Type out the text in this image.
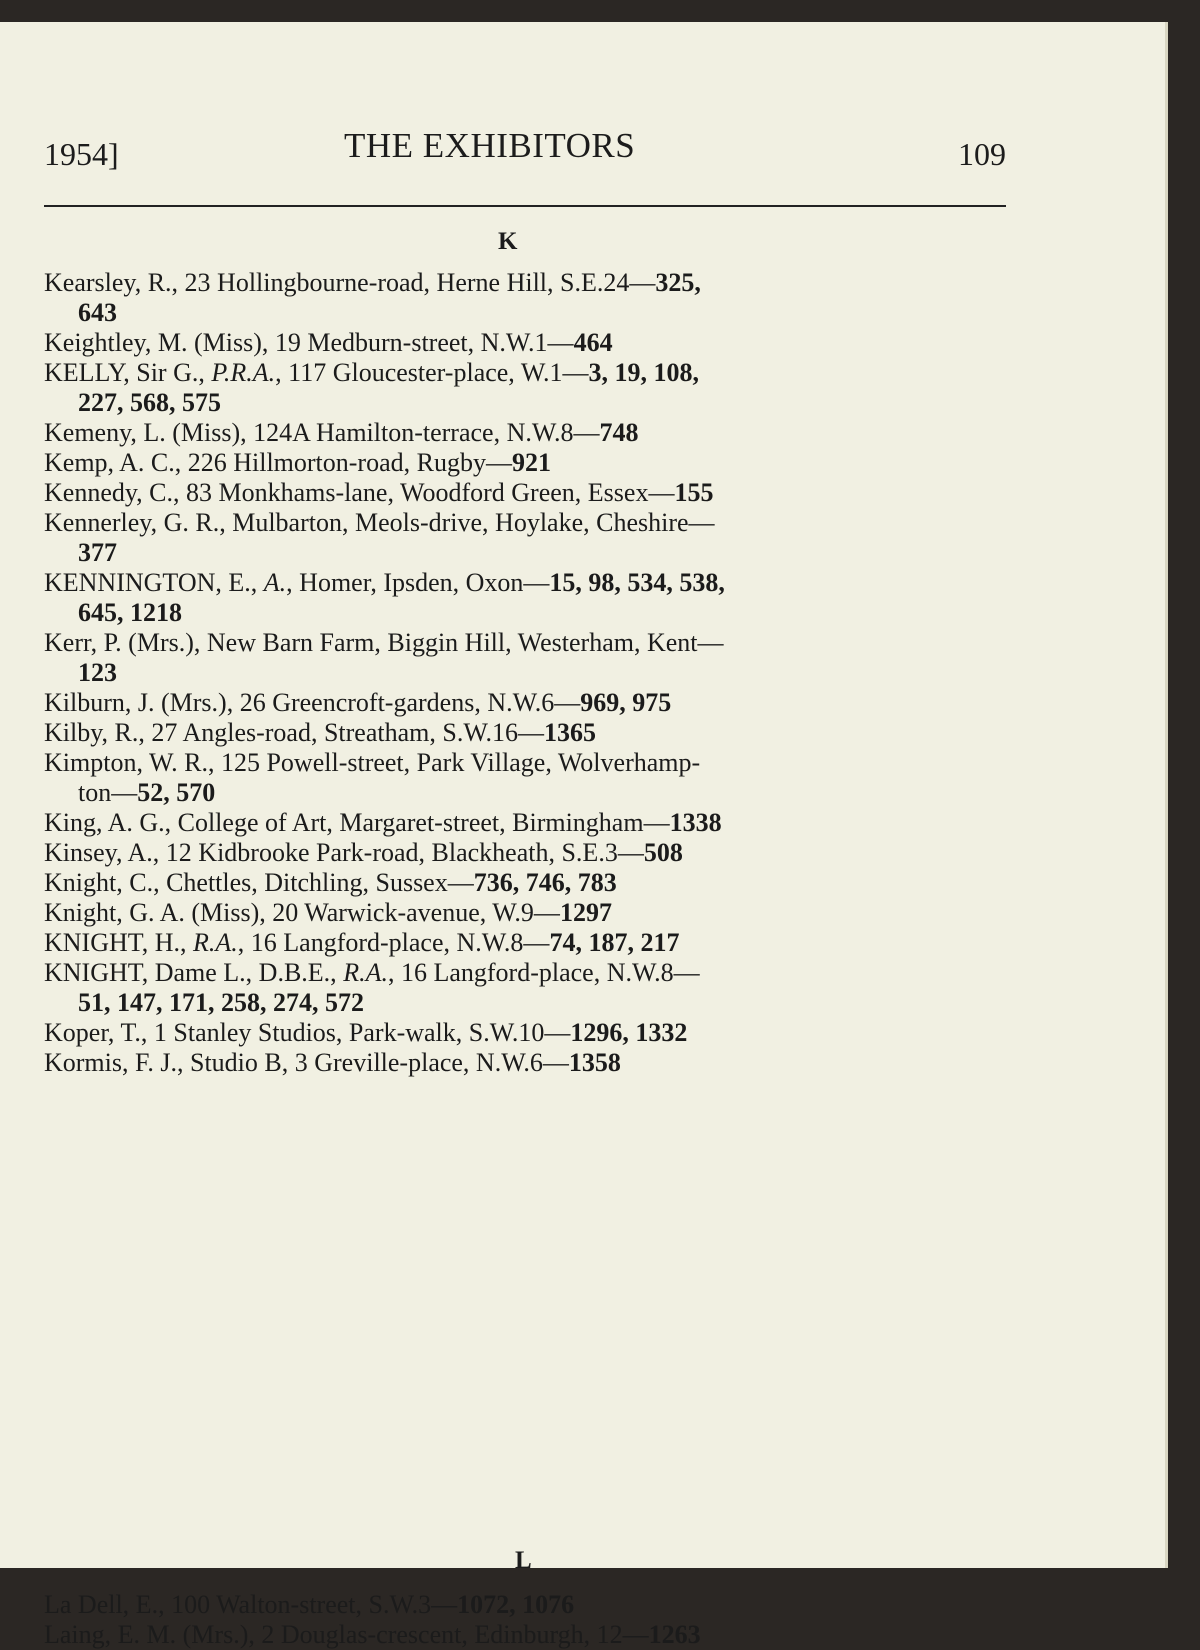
1954]	THE EXHIBITORS	109
K
Kearsley, R., 23 Hollingbourne-road, Herne Hill, S.E.24—325,
643
Keightley, M. (Miss), 19 Medburn-street, N.W.1—464
KELLY, Sir G., P.R.A., 117 Gloucester-place, W.1—3, 19, 108,
227, 568, 575
Kemeny, L. (Miss), 124A Hamilton-terrace, N.W.8—748
Kemp, A. C., 226 Hillmorton-road, Rugby—921
Kennedy, C., 83 Monkhams-lane, Woodford Green, Essex—155
Kennerley, G. R., Mulbarton, Meols-drive, Hoylake, Cheshire—
377
KENNINGTON, E., A., Homer, Ipsden, Oxon—15, 98, 534, 538,
645, 1218
Kerr, P. (Mrs.), New Barn Farm, Biggin Hill, Westerham, Kent—
123
Kilburn, J. (Mrs.), 26 Greencroft-gardens, N.W.6—969, 975
Kilby, R., 27 Angles-road, Streatham, S.W.16—1365
Kimpton, W. R., 125 Powell-street, Park Village, Wolverhamp-
ton—52, 570
King, A. G., College of Art, Margaret-street, Birmingham—1338
Kinsey, A., 12 Kidbrooke Park-road, Blackheath, S.E.3—508
Knight, C., Chettles, Ditchling, Sussex—736, 746, 783
Knight, G. A. (Miss), 20 Warwick-avenue, W.9—1297
KNIGHT, H., R.A., 16 Langford-place, N.W.8—74, 187, 217
KNIGHT, Dame L., D.B.E., R.A., 16 Langford-place, N.W.8—
51, 147, 171, 258, 274, 572
Koper, T., 1 Stanley Studios, Park-walk, S.W.10—1296, 1332
Kormis, F. J., Studio B, 3 Greville-place, N.W.6—1358
L
La Dell, E., 100 Walton-street, S.W.3—1072, 1076
Laing, E. M. (Mrs.), 2 Douglas-crescent, Edinburgh, 12—1263
